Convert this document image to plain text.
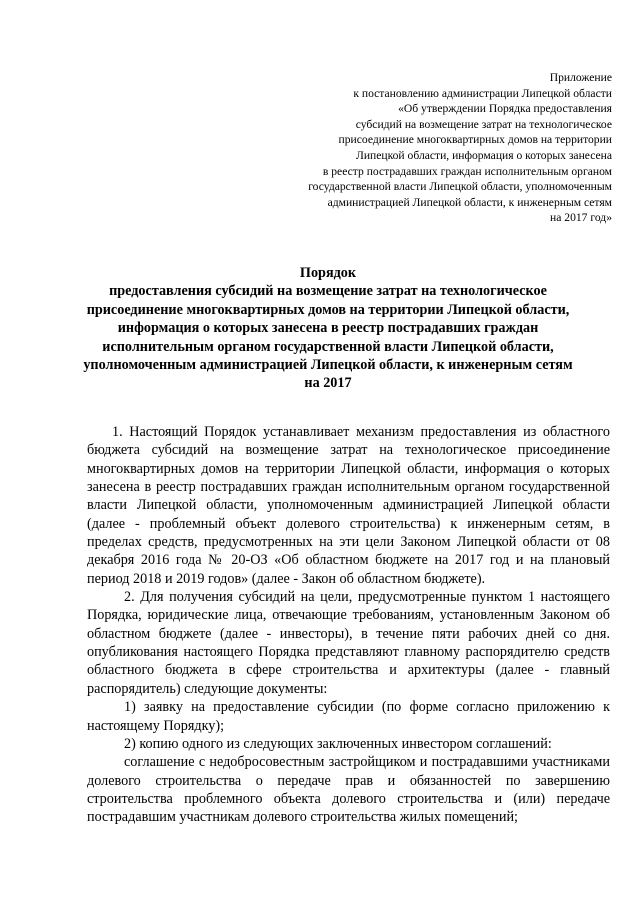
Приложение
к постановлению администрации Липецкой области
«Об утверждении Порядка предоставления
субсидий на возмещение затрат на технологическое
присоединение многоквартирных домов на территории
Липецкой области, информация о которых занесена
в реестр пострадавших граждан исполнительным органом
государственной власти Липецкой области, уполномоченным
администрацией Липецкой области, к инженерным сетям
на 2017 год»
Порядок
предоставления субсидий на возмещение затрат на технологическое
присоединение многоквартирных домов на территории Липецкой области,
информация о которых занесена в реестр пострадавших граждан
исполнительным органом государственной власти Липецкой области,
уполномоченным администрацией Липецкой области, к инженерным сетям
на 2017

1. Настоящий Порядок устанавливает механизм предоставления из областного бюджета субсидий на возмещение затрат на технологическое присоединение многоквартирных домов на территории Липецкой области, информация о которых занесена в реестр пострадавших граждан исполнительным органом государственной власти Липецкой области, уполномоченным администрацией Липецкой области (далее - проблемный объект долевого строительства) к инженерным сетям, в пределах средств, предусмотренных на эти цели Законом Липецкой области от 08 декабря 2016 года № 20-ОЗ «Об областном бюджете на 2017 год и на плановый период 2018 и 2019 годов» (далее - Закон об областном бюджете).

2. Для получения субсидий на цели, предусмотренные пунктом 1 настоящего Порядка, юридические лица, отвечающие требованиям, установленным Законом об областном бюджете (далее - инвесторы), в течение пяти рабочих дней со дня. опубликования настоящего Порядка представляют главному распорядителю средств областного бюджета в сфере строительства и архитектуры (далее - главный распорядитель) следующие документы:

1) заявку на предоставление субсидии (по форме согласно приложению к настоящему Порядку);

2) копию одного из следующих заключенных инвестором соглашений:

соглашение с недобросовестным застройщиком и пострадавшими участниками долевого строительства о передаче прав и обязанностей по завершению строительства проблемного объекта долевого строительства и (или) передаче пострадавшим участникам долевого строительства жилых помещений;
